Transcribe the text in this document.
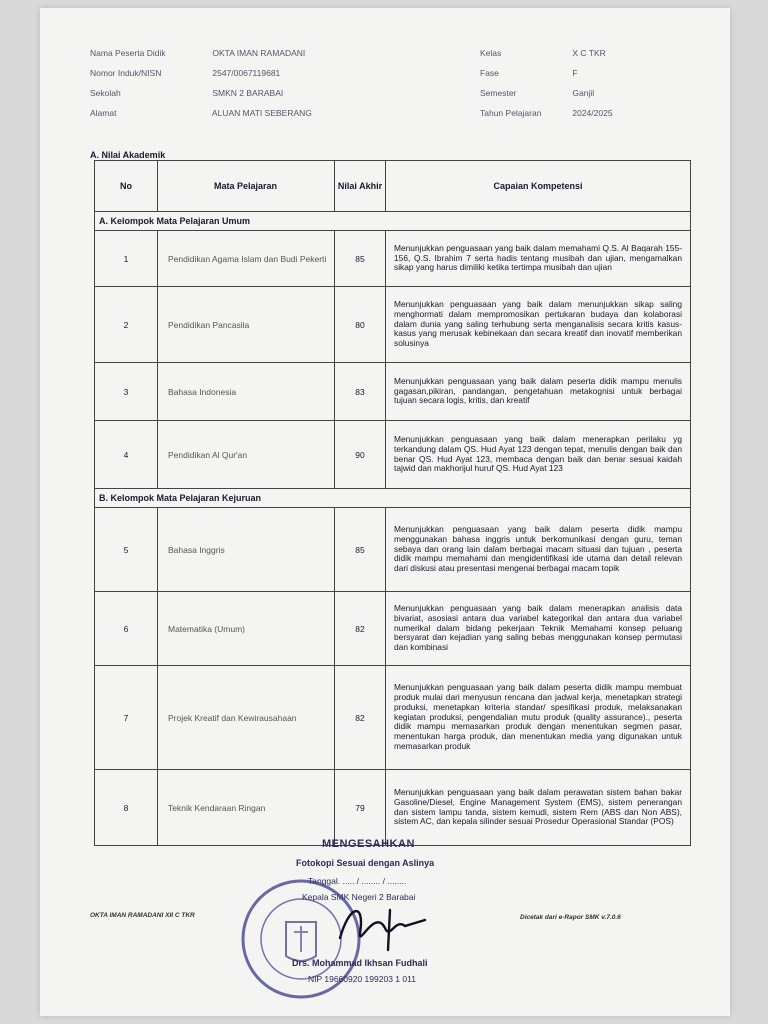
Nama Peserta Didik	OKTA IMAN RAMADANI
Nomor Induk/NISN	2547/0067119681
Sekolah	SMKN 2 BARABAI
Alamat	ALUAN MATI SEBERANG
Kelas	X C TKR
Fase	F
Semester	Ganjil
Tahun Pelajaran	2024/2025
A. Nilai Akademik
No	Mata Pelajaran	Nilai Akhir	Capaian Kompetensi
A. Kelompok Mata Pelajaran Umum			
1	Pendidikan Agama Islam dan Budi Pekerti	85	Menunjukkan penguasaan yang baik dalam memahami Q.S. Al Baqarah 155-156, Q.S. Ibrahim 7 serta hadis tentang musibah dan ujian, mengamalkan sikap yang harus dimiliki ketika tertimpa musibah dan ujian
2	Pendidikan Pancasila	80	Menunjukkan penguasaan yang baik dalam menunjukkan sikap saling menghormati dalam mempromosikan pertukaran budaya dan kolaborasi dalam dunia yang saling terhubung serta menganalisis secara kritis kasus-kasus yang merusak kebinekaan dan secara kreatif dan inovatif memberikan solusinya
3	Bahasa Indonesia	83	Menunjukkan penguasaan yang baik dalam peserta didik mampu menulis gagasan,pikiran, pandangan, pengetahuan metakognisi untuk berbagai tujuan secara logis, kritis, dan kreatif
4	Pendidikan Al Qur'an	90	Menunjukkan penguasaan yang baik dalam menerapkan perilaku yg terkandung dalam QS. Hud Ayat 123 dengan tepat, menulis dengan baik dan benar QS. Hud Ayat 123, membaca dengan baik dan benar sesuai kaidah tajwid dan makhorijul huruf QS. Hud Ayat 123
B. Kelompok Mata Pelajaran Kejuruan			
5	Bahasa Inggris	85	Menunjukkan penguasaan yang baik dalam peserta didik mampu menggunakan bahasa inggris untuk berkomunikasi dengan guru, teman sebaya dan orang lain dalam berbagai macam situasi dan tujuan , peserta didik mampu memahami dan mengidentifikasi ide utama dan detail relevan dari diskusi atau presentasi mengenai berbagai macam topik
6	Matematika (Umum)	82	Menunjukkan penguasaan yang baik dalam menerapkan analisis data bivariat, asosiasi antara dua variabel kategorikal dan antara dua variabel numerikal dalam bidang pekerjaan Teknik Memahami konsep peluang bersyarat dan kejadian yang saling bebas menggunakan konsep permutasi dan kombinasi
7	Projek Kreatif dan Kewirausahaan	82	Menunjukkan penguasaan yang baik dalam peserta didik mampu membuat produk mulai dari menyusun rencana dan jadwal kerja, menetapkan strategi produksi, menetapkan kriteria standar/ spesifikasi produk, melaksanakan kegiatan produksi, pengendalian mutu produk (quality assurance)., peserta didik mampu memasarkan produk dengan menentukan segmen pasar, menentukan harga produk, dan menentukan media yang digunakan untuk memasarkan produk
8	Teknik Kendaraan Ringan	79	Menunjukkan penguasaan yang baik dalam perawatan sistem bahan bakar Gasoline/Diesel, Engine Management System (EMS), sistem penerangan dan sistem lampu tanda, sistem kemudi, sistem Rem (ABS dan Non ABS), sistem AC, dan kepala silinder sesuai Prosedur Operasional Standar (POS)
MENGESAHKAN
Fotokopi Sesuai dengan Aslinya
Tanggal. ..... / ........ / ........
Kepala SMK Negeri 2 Barabai
Drs. Mohammad Ikhsan Fudhali
NIP 19660920 199203 1 011
OKTA IMAN RAMADANI XII C TKR	Dicetak dari e-Rapor SMK v.7.0.6
